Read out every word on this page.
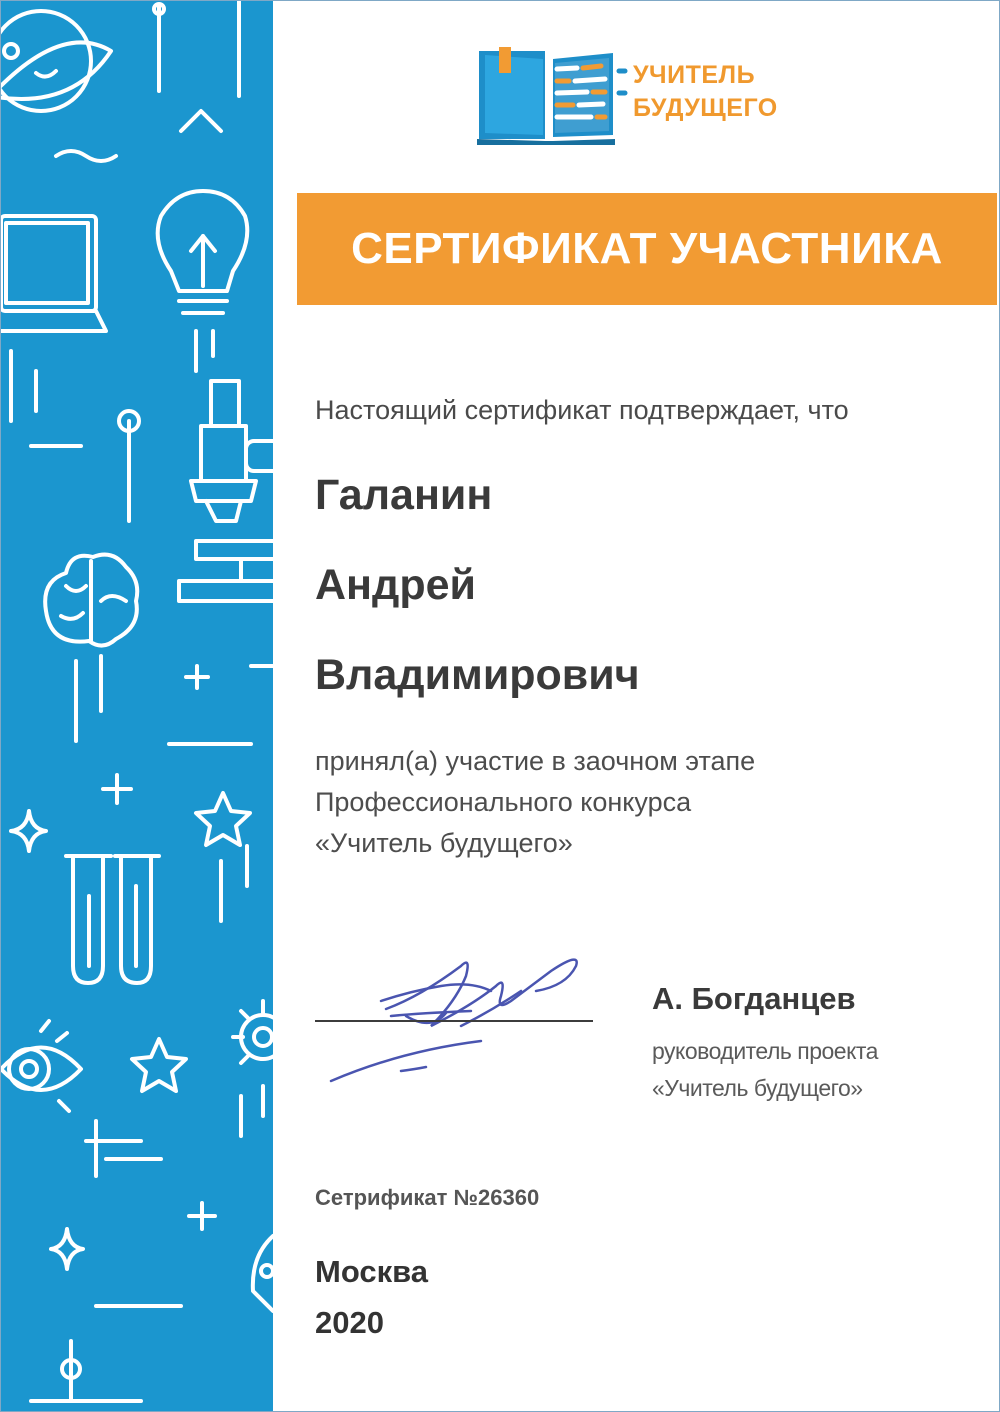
УЧИТЕЛЬ
БУДУЩЕГО
СЕРТИФИКАТ УЧАСТНИКА
Настоящий сертификат подтверждает, что
Галанин
Андрей
Владимирович
принял(а) участие в заочном этапе
Профессионального конкурса
«Учитель будущего»
А. Богданцев
руководитель проекта
«Учитель будущего»
Сетрификат №26360
Москва
2020
